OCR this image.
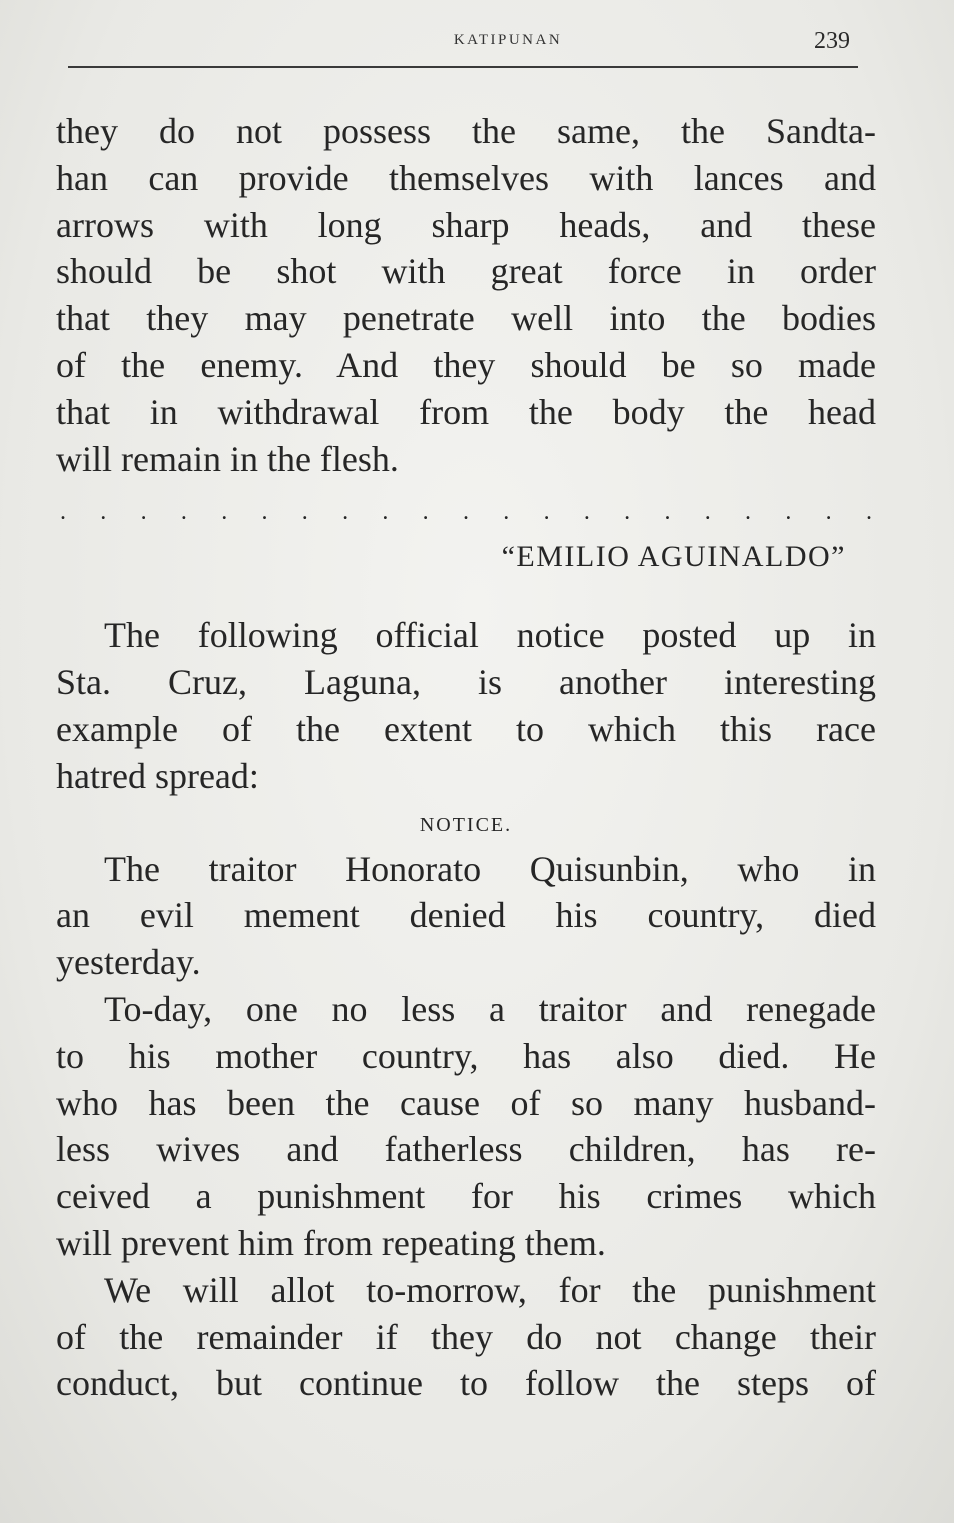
KATIPUNAN	239
they do not possess the same, the Sandta-
han can provide themselves with lances and
arrows with long sharp heads, and these
should be shot with great force in order
that they may penetrate well into the bodies
of the enemy. And they should be so made
that in withdrawal from the body the head
will remain in the flesh.
. . . . . . . . . . . . . . . . . . . . .
“EMILIO AGUINALDO”
The following official notice posted up in
Sta. Cruz, Laguna, is another interesting
example of the extent to which this race
hatred spread:
NOTICE.
The traitor Honorato Quisunbin, who in
an evil mement denied his country, died
yesterday.
To-day, one no less a traitor and renegade
to his mother country, has also died. He
who has been the cause of so many husband-
less wives and fatherless children, has re-
ceived a punishment for his crimes which
will prevent him from repeating them.
We will allot to-morrow, for the punishment
of the remainder if they do not change their
conduct, but continue to follow the steps of
